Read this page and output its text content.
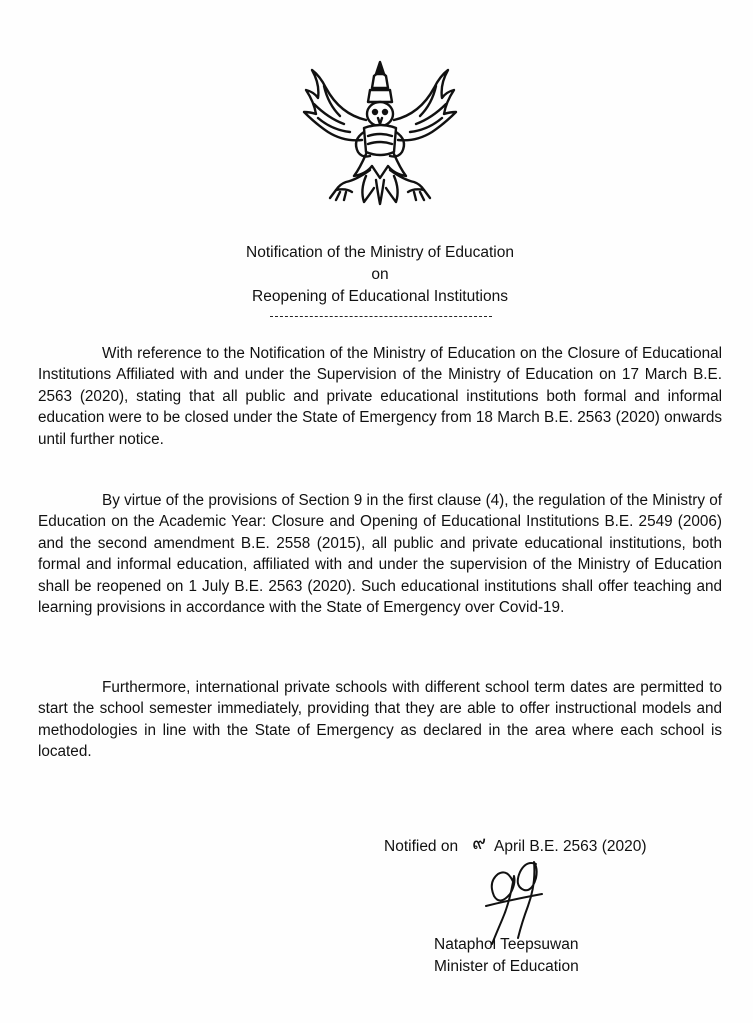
Notification of the Ministry of Education
on
Reopening of Educational Institutions

With reference to the Notification of the Ministry of Education on the Closure of Educational Institutions Affiliated with and under the Supervision of the Ministry of Education on 17 March B.E. 2563 (2020), stating that all public and private educational institutions both formal and informal education were to be closed under the State of Emergency from 18 March B.E. 2563 (2020) onwards until further notice.

By virtue of the provisions of Section 9 in the first clause (4), the regulation of the Ministry of Education on the Academic Year: Closure and Opening of Educational Institutions B.E. 2549 (2006) and the second amendment B.E. 2558 (2015), all public and private educational institutions, both formal and informal education, affiliated with and under the supervision of the Ministry of Education shall be reopened on 1 July B.E. 2563 (2020). Such educational institutions shall offer teaching and learning provisions in accordance with the State of Emergency over Covid-19.

Furthermore, international private schools with different school term dates are permitted to start the school semester immediately, providing that they are able to offer instructional models and methodologies in line with the State of Emergency as declared in the area where each school is located.

Notified on ๙ April B.E. 2563 (2020)
Nataphol Teepsuwan
Minister of Education
